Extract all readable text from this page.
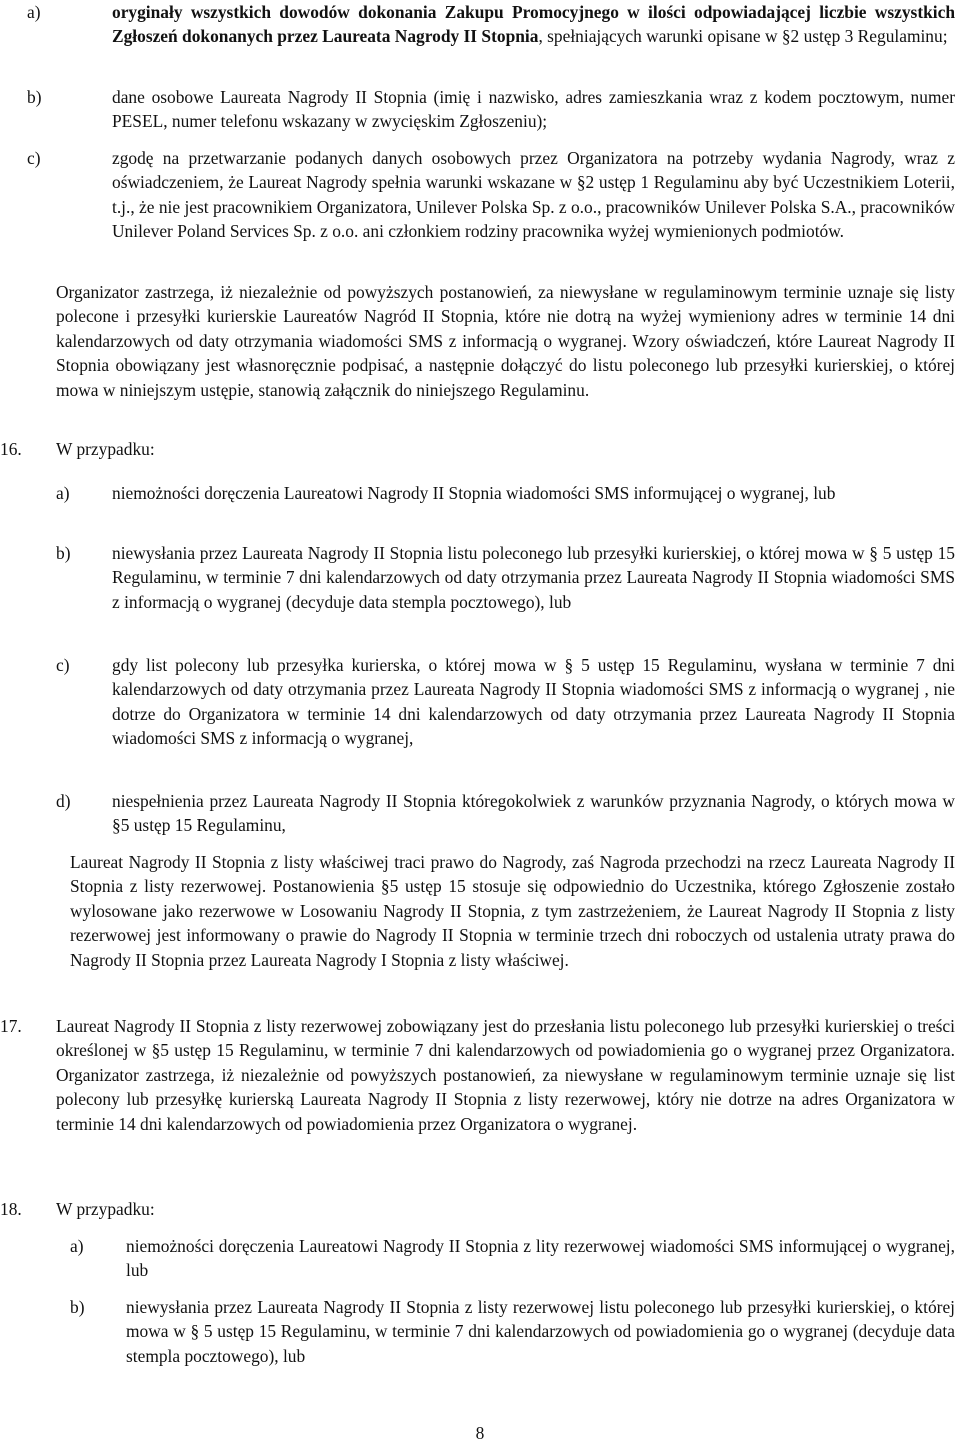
a)	oryginały wszystkich dowodów dokonania Zakupu Promocyjnego w ilości odpowiadającej liczbie wszystkich Zgłoszeń dokonanych przez Laureata Nagrody II Stopnia, spełniających warunki opisane w §2 ustęp 3 Regulaminu;
b)	dane osobowe Laureata Nagrody II Stopnia (imię i nazwisko, adres zamieszkania wraz z kodem pocztowym, numer PESEL, numer telefonu wskazany w zwycięskim Zgłoszeniu);
c)	zgodę na przetwarzanie podanych danych osobowych przez Organizatora na potrzeby wydania Nagrody, wraz z oświadczeniem, że Laureat Nagrody spełnia warunki wskazane w §2 ustęp 1 Regulaminu aby być Uczestnikiem Loterii, t.j., że nie jest pracownikiem Organizatora, Unilever Polska Sp. z o.o., pracowników Unilever Polska S.A., pracowników Unilever Poland Services Sp. z o.o. ani członkiem rodziny pracownika wyżej wymienionych podmiotów.
Organizator zastrzega, iż niezależnie od powyższych postanowień, za niewysłane w regulaminowym terminie uznaje się listy polecone i przesyłki kurierskie Laureatów Nagród II Stopnia, które nie dotrą na wyżej wymieniony adres w terminie 14 dni kalendarzowych od daty otrzymania wiadomości SMS z informacją o wygranej. Wzory oświadczeń, które Laureat Nagrody II Stopnia obowiązany jest własnoręcznie podpisać, a następnie dołączyć do listu poleconego lub przesyłki kurierskiej, o której mowa w niniejszym ustępie, stanowią załącznik do niniejszego Regulaminu.
16. W przypadku:
a) niemożności doręczenia Laureatowi Nagrody II Stopnia wiadomości SMS informującej o wygranej, lub
b) niewysłania przez Laureata Nagrody II Stopnia listu poleconego lub przesyłki kurierskiej, o której mowa w § 5 ustęp 15 Regulaminu, w terminie 7 dni kalendarzowych od daty otrzymania przez Laureata Nagrody II Stopnia wiadomości SMS z informacją o wygranej (decyduje data stempla pocztowego), lub
c) gdy list polecony lub przesyłka kurierska, o której mowa w § 5 ustęp 15 Regulaminu, wysłana w terminie 7 dni kalendarzowych od daty otrzymania przez Laureata Nagrody II Stopnia wiadomości SMS z informacją o wygranej , nie dotrze do Organizatora w terminie 14 dni kalendarzowych od daty otrzymania przez Laureata Nagrody II Stopnia wiadomości SMS z informacją o wygranej,
d) niespełnienia przez Laureata Nagrody II Stopnia któregokolwiek z warunków przyznania Nagrody, o których mowa w §5 ustęp 15 Regulaminu,
Laureat Nagrody II Stopnia z listy właściwej traci prawo do Nagrody, zaś Nagroda przechodzi na rzecz Laureata Nagrody II Stopnia z listy rezerwowej. Postanowienia §5 ustęp 15 stosuje się odpowiednio do Uczestnika, którego Zgłoszenie zostało wylosowane jako rezerwowe w Losowaniu Nagrody II Stopnia, z tym zastrzeżeniem, że Laureat Nagrody II Stopnia z listy rezerwowej jest informowany o prawie do Nagrody II Stopnia w terminie trzech dni roboczych od ustalenia utraty prawa do Nagrody II Stopnia przez Laureata Nagrody I Stopnia z listy właściwej.
17. Laureat Nagrody II Stopnia z listy rezerwowej zobowiązany jest do przesłania listu poleconego lub przesyłki kurierskiej o treści określonej w §5 ustęp 15 Regulaminu, w terminie 7 dni kalendarzowych od powiadomienia go o wygranej przez Organizatora. Organizator zastrzega, iż niezależnie od powyższych postanowień, za niewysłane w regulaminowym terminie uznaje się list polecony lub przesyłkę kurierską Laureata Nagrody II Stopnia z listy rezerwowej, który nie dotrze na adres Organizatora w terminie 14 dni kalendarzowych od powiadomienia przez Organizatora o wygranej.
18. W przypadku:
a) niemożności doręczenia Laureatowi Nagrody II Stopnia z lity rezerwowej wiadomości SMS informującej o wygranej, lub
b) niewysłania przez Laureata Nagrody II Stopnia z listy rezerwowej listu poleconego lub przesyłki kurierskiej, o której mowa w § 5 ustęp 15 Regulaminu, w terminie 7 dni kalendarzowych od powiadomienia go o wygranej (decyduje data stempla pocztowego), lub
8
